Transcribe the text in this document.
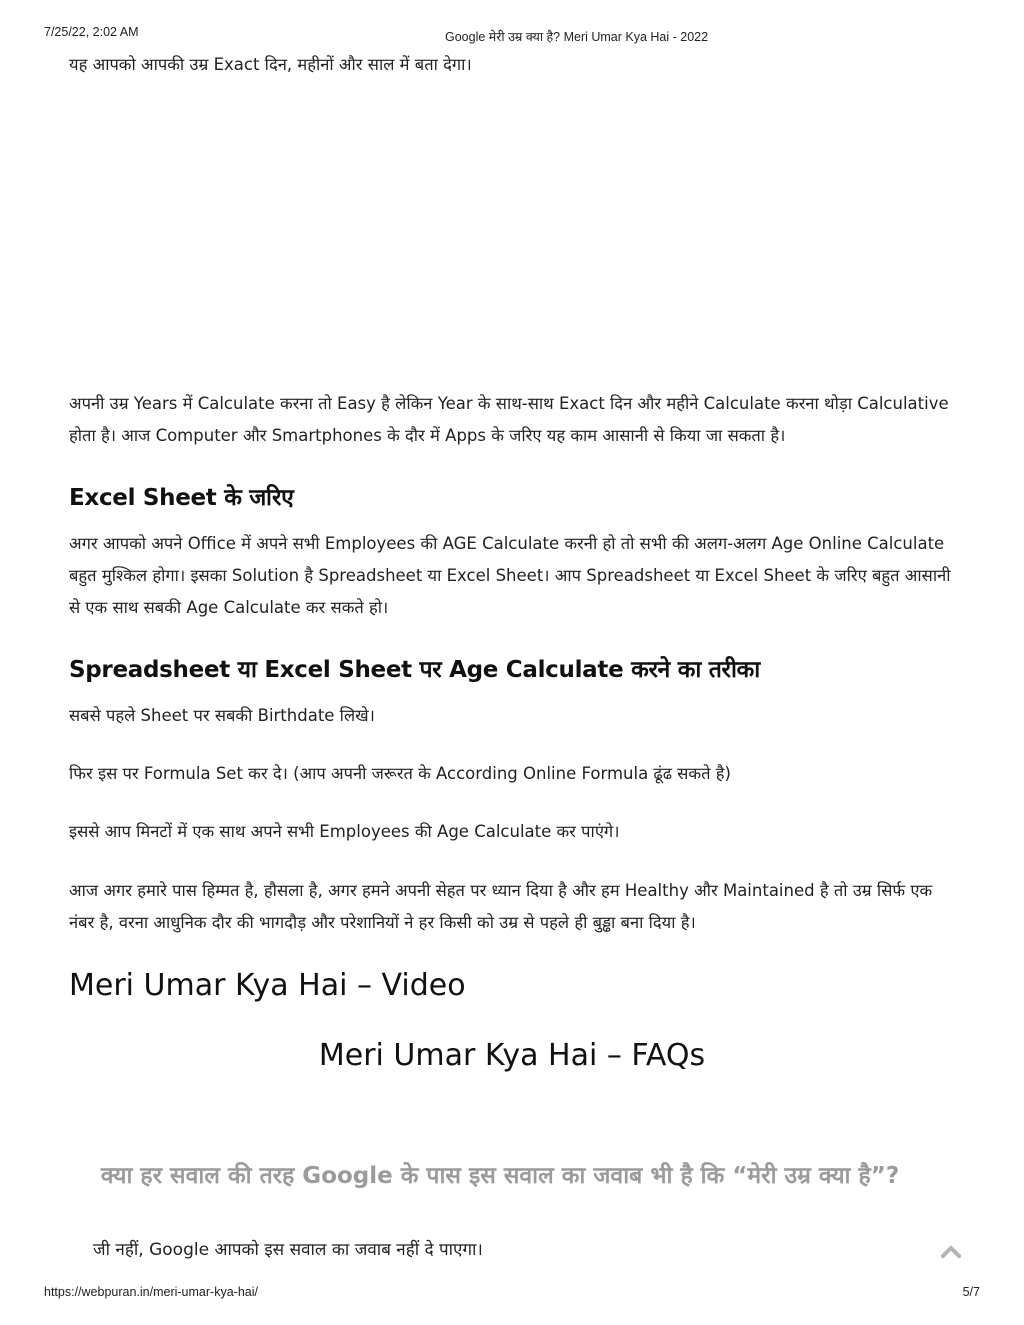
7/25/22, 2:02 AM	Google मेरी उम्र क्या है? Meri Umar Kya Hai - 2022
यह आपको आपकी उम्र Exact दिन, महीनों और साल में बता देगा।
अपनी उम्र Years में Calculate करना तो Easy है लेकिन Year के साथ-साथ Exact दिन और महीने Calculate करना थोड़ा Calculative होता है। आज Computer और Smartphones के दौर में Apps के जरिए यह काम आसानी से किया जा सकता है।
Excel Sheet के जरिए
अगर आपको अपने Office में अपने सभी Employees की AGE Calculate करनी हो तो सभी की अलग-अलग Age Online Calculate बहुत मुश्किल होगा। इसका Solution है Spreadsheet या Excel Sheet। आप Spreadsheet या Excel Sheet के जरिए बहुत आसानी से एक साथ सबकी Age Calculate कर सकते हो।
Spreadsheet या Excel Sheet पर Age Calculate करने का तरीका
सबसे पहले Sheet पर सबकी Birthdate लिखे।
फिर इस पर Formula Set कर दे। (आप अपनी जरूरत के According Online Formula ढूंढ सकते है)
इससे आप मिनटों में एक साथ अपने सभी Employees की Age Calculate कर पाएंगे।
आज अगर हमारे पास हिम्मत है, हौसला है, अगर हमने अपनी सेहत पर ध्यान दिया है और हम Healthy और Maintained है तो उम्र सिर्फ एक नंबर है, वरना आधुनिक दौर की भागदौड़ और परेशानियों ने हर किसी को उम्र से पहले ही बुड्ढा बना दिया है।
Meri Umar Kya Hai – Video
Meri Umar Kya Hai – FAQs
क्या हर सवाल की तरह Google के पास इस सवाल का जवाब भी है कि “मेरी उम्र क्या है”?
जी नहीं, Google आपको इस सवाल का जवाब नहीं दे पाएगा।
https://webpuran.in/meri-umar-kya-hai/	5/7
